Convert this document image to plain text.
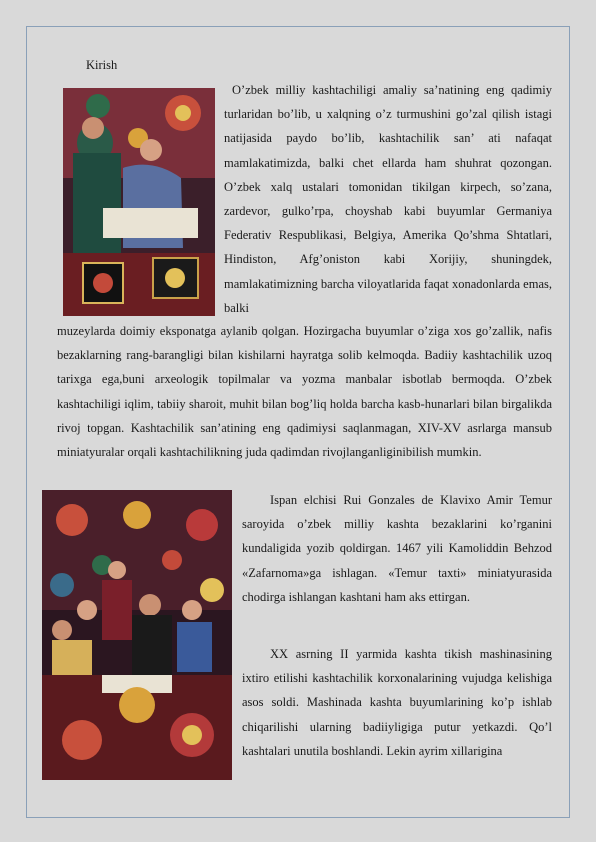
Kirish

O’zbek milliy kashtachiligi amaliy sa’natining eng qadimiy turlaridan bo’lib, u xalqning o’z turmushini go’zal qilish istagi natijasida paydo bo’lib, kashtachilik san’ ati nafaqat mamlakatimizda, balki chet ellarda ham shuhrat qozongan. O’zbek xalq ustalari tomonidan tikilgan kirpech, so’zana, zardevor, gulko’rpa, choyshab kabi buyumlar Germaniya Federativ Respublikasi, Belgiya, Amerika Qo’shma Shtatlari, Hindiston, Afg’oniston kabi Xorijiy, shuningdek, mamlakatimizning barcha viloyatlarida faqat xonadonlarda emas, balki

muzeylarda doimiy eksponatga aylanib qolgan. Hozirgacha buyumlar o’ziga xos go’zallik, nafis bezaklarning rang-barangligi bilan kishilarni hayratga solib kelmoqda. Badiiy kashtachilik uzoq tarixga ega,buni arxeologik topilmalar va yozma manbalar isbotlab bermoqda. O’zbek kashtachiligi iqlim, tabiiy sharoit, muhit bilan bog’liq holda barcha kasb-hunarlari bilan birgalikda rivoj topgan. Kashtachilik san’atining eng qadimiysi saqlanmagan, XIV-XV asrlarga mansub miniatyuralar orqali kashtachilikning juda qadimdan rivojlanganliginibilish mumkin.

Ispan elchisi Rui Gonzales de Klavixo Amir Temur saroyida o’zbek milliy kashta bezaklarini ko’rganini kundaligida yozib qoldirgan. 1467 yili Kamoliddin Behzod «Zafarnoma»ga ishlagan. «Temur taxti» miniatyurasida chodirga ishlangan kashtani ham aks ettirgan.

XX asrning II yarmida kashta tikish mashinasining ixtiro etilishi kashtachilik korxonalarining vujudga kelishiga asos soldi. Mashinada kashta buyumlarining ko’p ishlab chiqarilishi ularning badiiyligiga putur yetkazdi. Qo’l kashtalari unutila boshlandi. Lekin ayrim xillarigina
